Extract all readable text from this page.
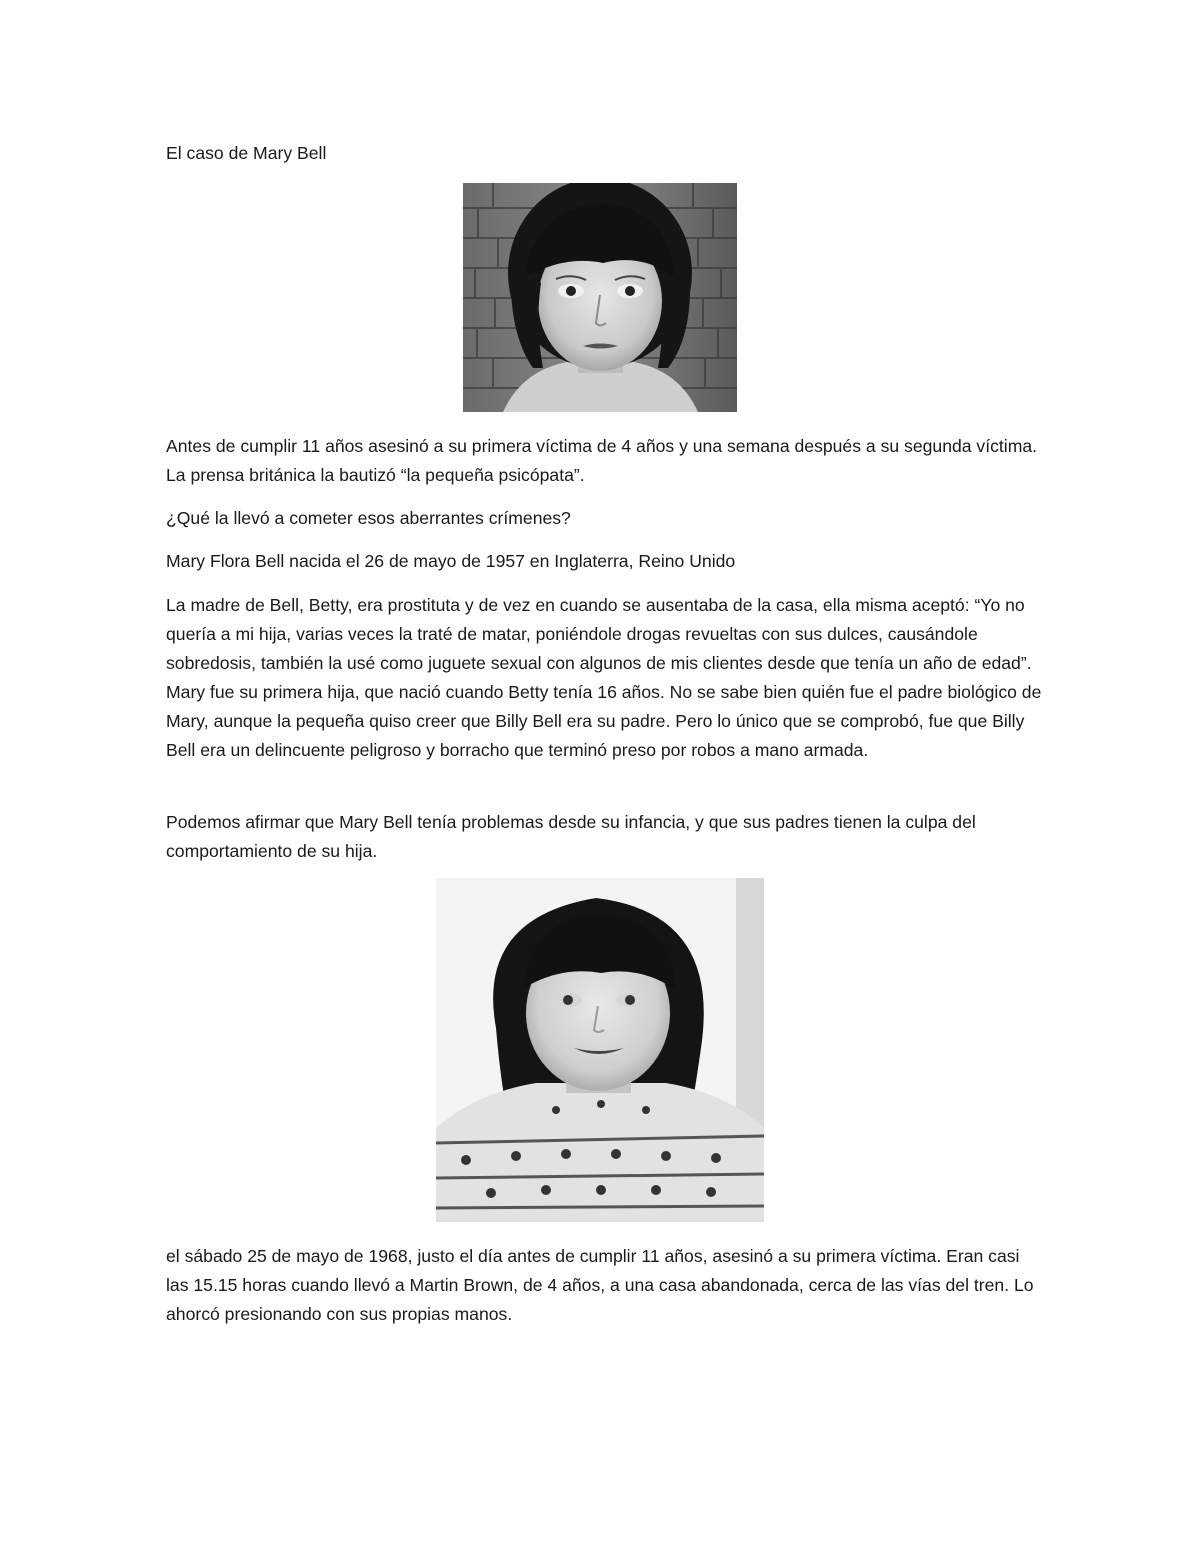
El caso de Mary Bell

Antes de cumplir 11 años asesinó a su primera víctima de 4 años y una semana después a su segunda víctima. La prensa británica la bautizó “la pequeña psicópata”.

¿Qué la llevó a cometer esos aberrantes crímenes?

Mary Flora Bell nacida el 26 de mayo de 1957 en Inglaterra, Reino Unido

La madre de Bell, Betty, era prostituta y de vez en cuando se ausentaba de la casa, ella misma aceptó: “Yo no quería a mi hija, varias veces la traté de matar, poniéndole drogas revueltas con sus dulces, causándole sobredosis, también la usé como juguete sexual con algunos de mis clientes desde que tenía un año de edad”. Mary fue su primera hija, que nació cuando Betty tenía 16 años. No se sabe bien quién fue el padre biológico de Mary, aunque la pequeña quiso creer que Billy Bell era su padre. Pero lo único que se comprobó, fue que Billy Bell era un delincuente peligroso y borracho que terminó preso por robos a mano armada.

Podemos afirmar que Mary Bell tenía problemas desde su infancia, y que sus padres tienen la culpa del comportamiento de su hija.

el sábado 25 de mayo de 1968, justo el día antes de cumplir 11 años, asesinó a su primera víctima. Eran casi las 15.15 horas cuando llevó a Martin Brown, de 4 años, a una casa abandonada, cerca de las vías del tren. Lo ahorcó presionando con sus propias manos.
